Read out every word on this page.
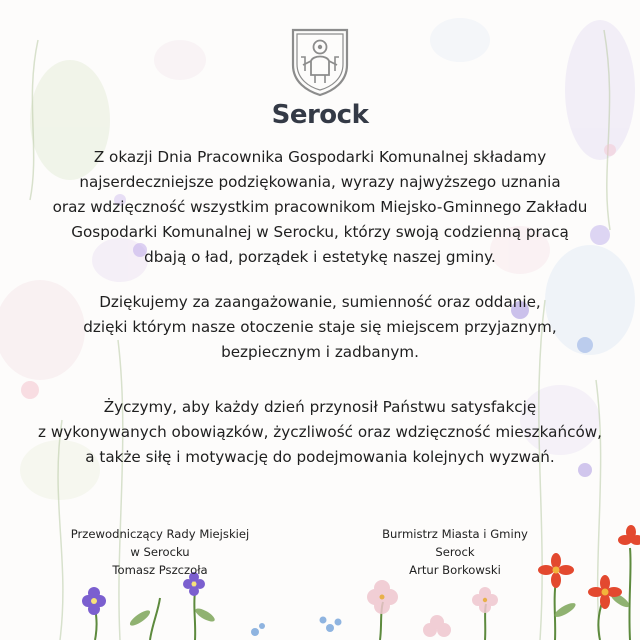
Serock

Z okazji Dnia Pracownika Gospodarki Komunalnej składamy
najserdeczniejsze podziękowania, wyrazy najwyższego uznania
oraz wdzięczność wszystkim pracownikom Miejsko-Gminnego Zakładu
Gospodarki Komunalnej w Serocku, którzy swoją codzienną pracą
dbają o ład, porządek i estetykę naszej gminy.

Dziękujemy za zaangażowanie, sumienność oraz oddanie,
dzięki którym nasze otoczenie staje się miejscem przyjaznym,
bezpiecznym i zadbanym.

Życzymy, aby każdy dzień przynosił Państwu satysfakcję
z wykonywanych obowiązków, życzliwość oraz wdzięczność mieszkańców,
a także siłę i motywację do podejmowania kolejnych wyzwań.

Przewodniczący Rady Miejskiej
w Serocku
Tomasz Pszczoła
Burmistrz Miasta i Gminy
Serock
Artur Borkowski
